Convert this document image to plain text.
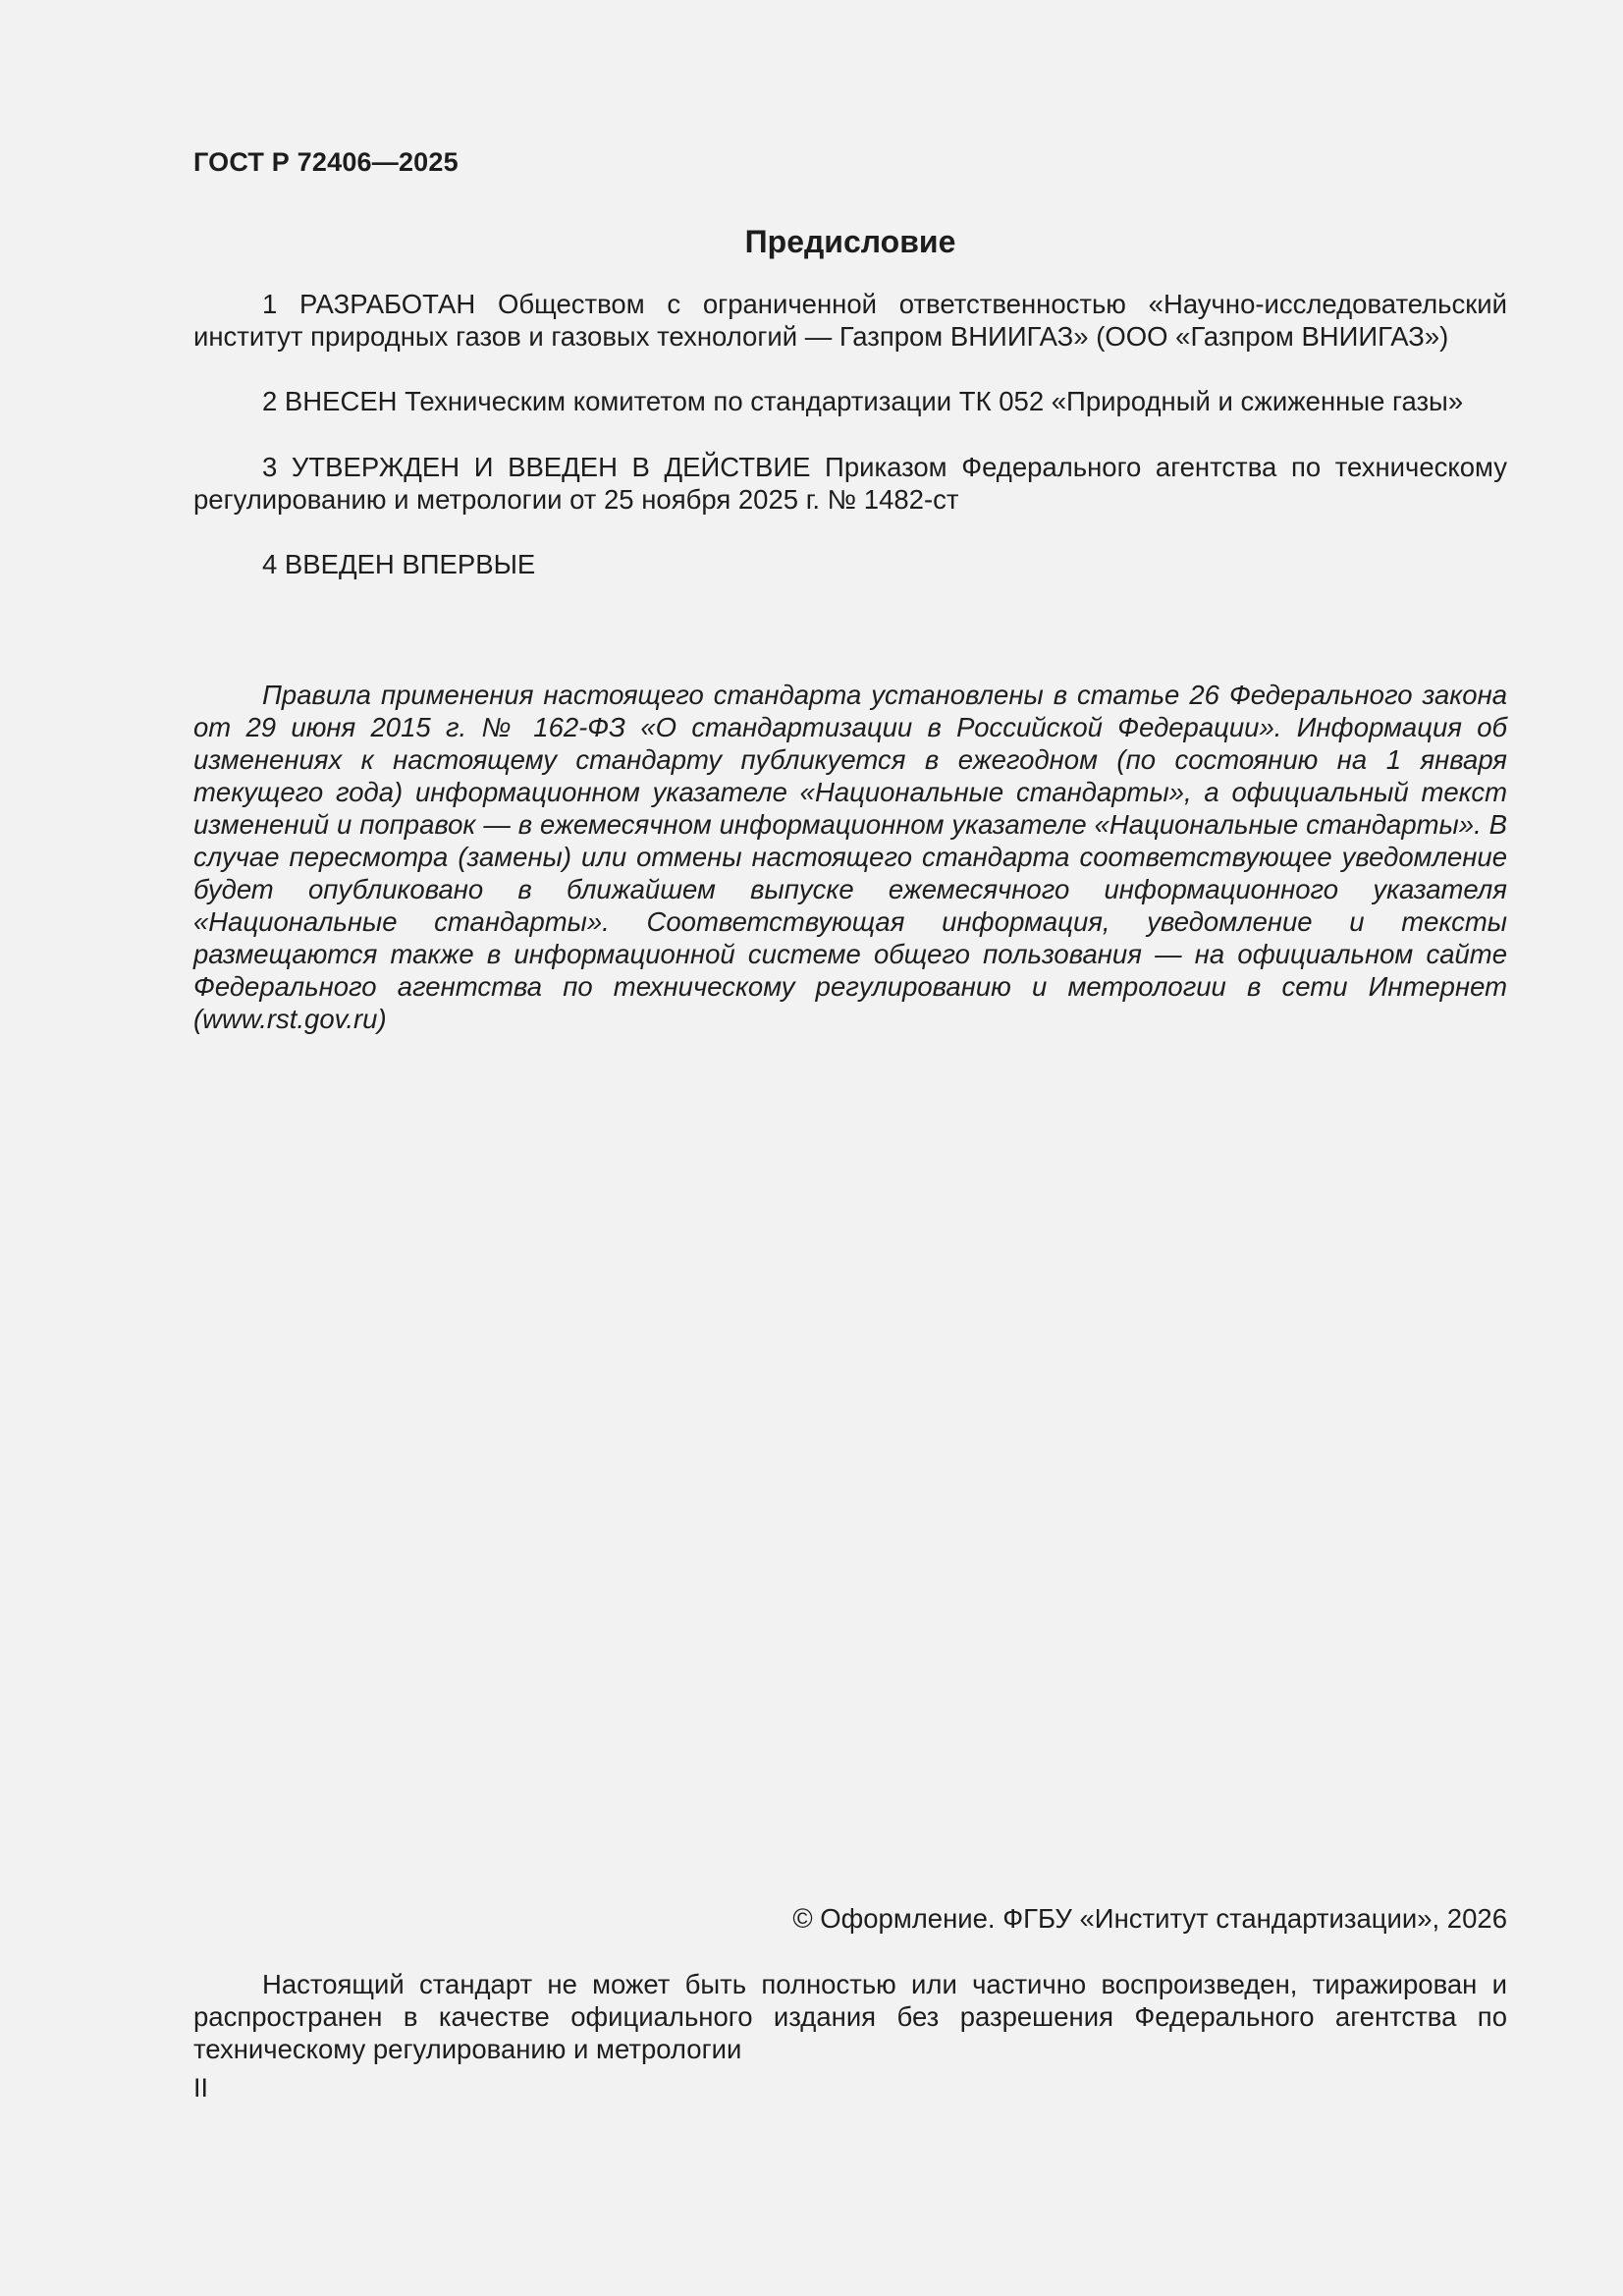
ГОСТ Р 72406—2025
Предисловие

1 РАЗРАБОТАН Обществом с ограниченной ответственностью «Научно-исследовательский институт природных газов и газовых технологий — Газпром ВНИИГАЗ» (ООО «Газпром ВНИИГАЗ»)

2 ВНЕСЕН Техническим комитетом по стандартизации ТК 052 «Природный и сжиженные газы»

3 УТВЕРЖДЕН И ВВЕДЕН В ДЕЙСТВИЕ Приказом Федерального агентства по техническому регулированию и метрологии от 25 ноября 2025 г. № 1482-ст

4 ВВЕДЕН ВПЕРВЫЕ

Правила применения настоящего стандарта установлены в статье 26 Федерального закона от 29 июня 2015 г. № 162-ФЗ «О стандартизации в Российской Федерации». Информация об изменениях к настоящему стандарту публикуется в ежегодном (по состоянию на 1 января текущего года) информационном указателе «Национальные стандарты», а официальный текст изменений и поправок — в ежемесячном информационном указателе «Национальные стандарты». В случае пересмотра (замены) или отмены настоящего стандарта соответствующее уведомление будет опубликовано в ближайшем выпуске ежемесячного информационного указателя «Национальные стандарты». Соответствующая информация, уведомление и тексты размещаются также в информационной системе общего пользования — на официальном сайте Федерального агентства по техническому регулированию и метрологии в сети Интернет (www.rst.gov.ru)

© Оформление. ФГБУ «Институт стандартизации», 2026

Настоящий стандарт не может быть полностью или частично воспроизведен, тиражирован и распространен в качестве официального издания без разрешения Федерального агентства по техническому регулированию и метрологии

II
